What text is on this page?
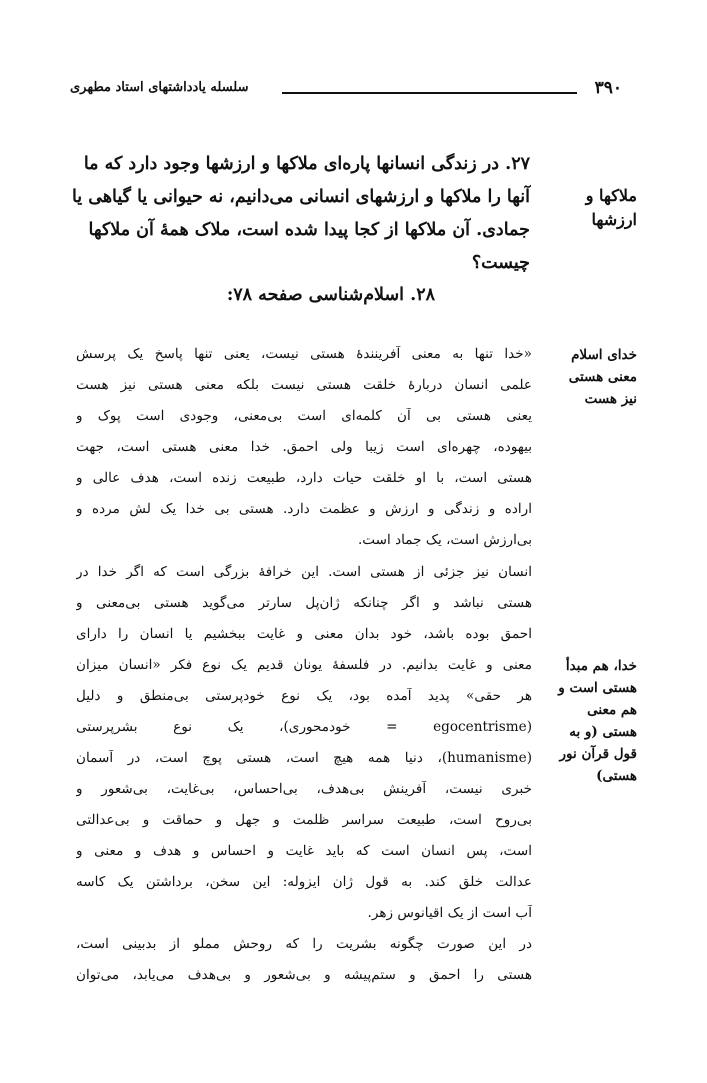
۳۹۰
سلسله یادداشتهای استاد مطهری
۲۷. در زندگی انسانها پاره‌ای ملاکها و ارزشها وجود دارد که ما
آنها را ملاکها و ارزشهای انسانی می‌دانیم، نه حیوانی یا گیاهی یا
جمادی. آن ملاکها از کجا پیدا شده است، ملاک همهٔ آن ملاکها
چیست؟
ملاکها و
ارزشها
۲۸. اسلام‌شناسی صفحه ۷۸:
خدای اسلام
معنی هستی
نیز هست
خدا، هم مبدأ
هستی است و
هم معنی
هستی (و به
قول قرآن نور
هستی)
«خدا تنها به معنی آفرینندهٔ هستی نیست، یعنی تنها پاسخ یک پرسش
علمی انسان دربارهٔ خلقت هستی نیست بلکه معنی هستی نیز هست
یعنی هستی بی آن کلمه‌ای است بی‌معنی، وجودی است پوک و
بیهوده، چهره‌ای است زیبا ولی احمق. خدا معنی هستی است، جهت
هستی است، با او خلقت حیات دارد، طبیعت زنده است، هدف عالی و
اراده و زندگی و ارزش و عظمت دارد. هستی بی خدا یک لش مرده و
بی‌ارزش است، یک جماد است.
انسان نیز جزئی از هستی است. این خرافهٔ بزرگی است که اگر خدا در
هستی نباشد و اگر چنانکه ژان‌پل سارتر می‌گوید هستی بی‌معنی و
احمق بوده باشد، خود بدان معنی و غایت ببخشیم یا انسان را دارای
معنی و غایت بدانیم. در فلسفهٔ یونان قدیم یک نوع فکر «انسان میزان
هر حقی» پدید آمده بود، یک نوع خودپرستی بی‌منطق و دلیل
(egocentrisme = خودمحوری)، یک نوع بشرپرستی
(humanisme)، دنیا همه هیچ است، هستی پوچ است، در آسمان
خبری نیست، آفرینش بی‌هدف، بی‌احساس، بی‌غایت، بی‌شعور و
بی‌روح است، طبیعت سراسر ظلمت و جهل و حماقت و بی‌عدالتی
است، پس انسان است که باید غایت و احساس و هدف و معنی و
عدالت خلق کند. به قول ژان ایزوله: این سخن، برداشتن یک کاسه
آب است از یک اقیانوس زهر.
در این صورت چگونه بشریت را که روحش مملو از بدبینی است،
هستی را احمق و ستم‌پیشه و بی‌شعور و بی‌هدف می‌یابد، می‌توان
